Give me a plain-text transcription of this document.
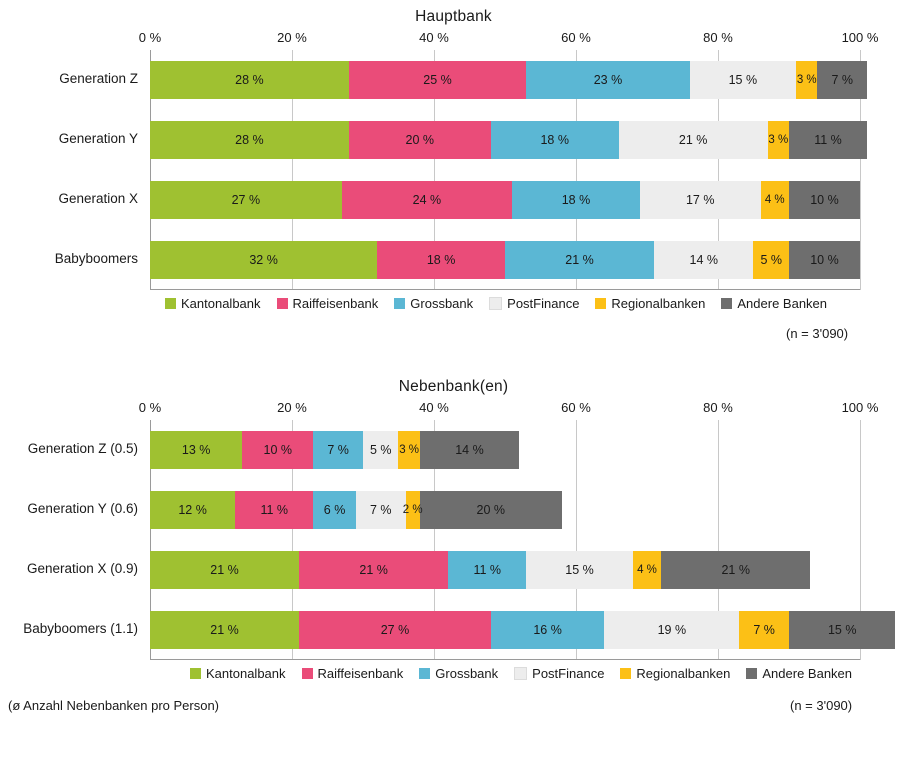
Hauptbank
0 %	20 %	40 %	60 %	80 %	100 %
Generation Z	28 %	25 %	23 %	15 %	3 % 7 %
Generation Y	28 %	20 %	18 %	21 %	3 % 11 %
Generation X	27 %	24 %	18 %	17 %	4 % 10 %
Babyboomers	32 %	18 %	21 %	14 %	5 % 10 %
Kantonalbank Raiffeisenbank Grossbank	PostFinance Regionalbanken Andere Banken
(n = 3'090)
Nebenbank(en)
0 %	20 %	40 %	60 %	80 %	100 %
Generation Z (0.5)	13 %	10 %	7 % 5 % 3 %	14 %
Generation Y (0.6)	12 %	11 %	6 % 7 % 2 %	20 %
Generation X (0.9)	21 %	21 %	11 %	15 %	4 %	21 %
Babyboomers (1.1)	21 %	27 %	16 %	19 %	7 %	15 %
Kantonalbank Raiffeisenbank Grossbank	PostFinance Regionalbanken Andere Banken
(n = 3'090)
(ø Anzahl Nebenbanken pro Person)
